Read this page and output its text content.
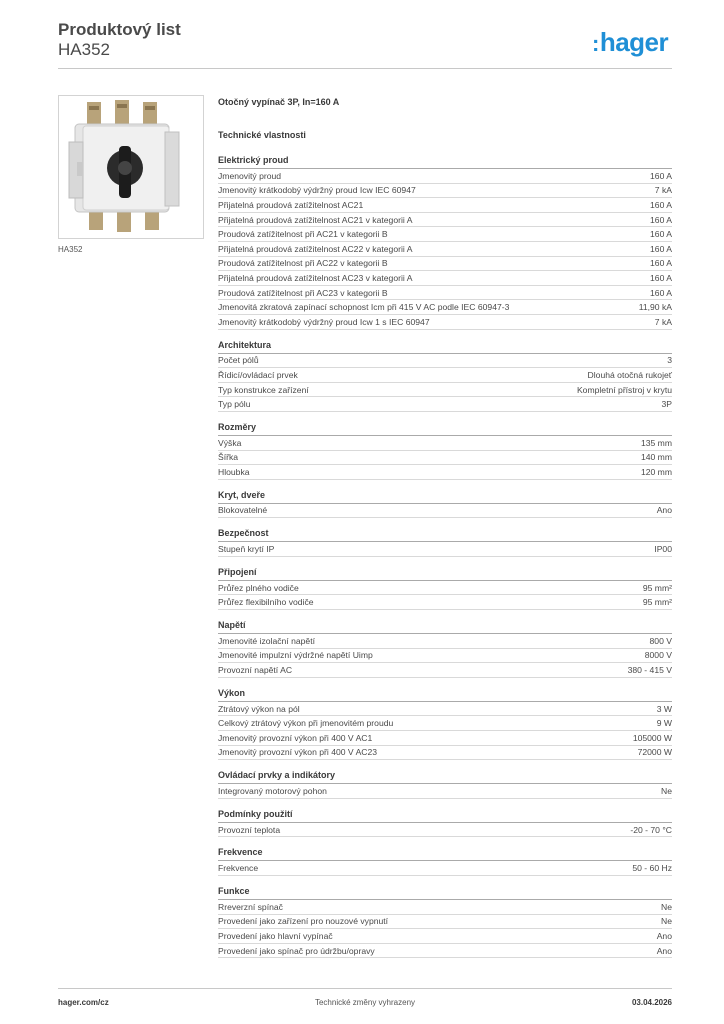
Produktový list
HA352	:hager
HA352
Otočný vypínač 3P, In=160 A
Technické vlastnosti
Elektrický proud
Jmenovitý proud	160 A
Jmenovitý krátkodobý výdržný proud Icw IEC 60947	7 kA
Přijatelná proudová zatížitelnost AC21	160 A
Přijatelná proudová zatížitelnost AC21 v kategorii A	160 A
Proudová zatížitelnost při AC21 v kategorii B	160 A
Přijatelná proudová zatížitelnost AC22 v kategorii A	160 A
Proudová zatížitelnost při AC22 v kategorii B	160 A
Přijatelná proudová zatížitelnost AC23 v kategorii A	160 A
Proudová zatížitelnost při AC23 v kategorii B	160 A
Jmenovitá zkratová zapínací schopnost Icm při 415 V AC podle IEC 60947-3	11,90 kA
Jmenovitý krátkodobý výdržný proud Icw 1 s IEC 60947	7 kA
Architektura
Počet pólů	3
Řídicí/ovládací prvek	Dlouhá otočná rukojeť
Typ konstrukce zařízení	Kompletní přístroj v krytu
Typ pólu	3P
Rozměry
Výška	135 mm
Šířka	140 mm
Hloubka	120 mm
Kryt, dveře
Blokovatelné	Ano
Bezpečnost
Stupeň krytí IP	IP00
Připojení
Průřez plného vodiče	95 mm²
Průřez flexibilního vodiče	95 mm²
Napětí
Jmenovité izolační napětí	800 V
Jmenovité impulzní výdržné napětí Uimp	8000 V
Provozní napětí AC	380 - 415 V
Výkon
Ztrátový výkon na pól	3 W
Celkový ztrátový výkon při jmenovitém proudu	9 W
Jmenovitý provozní výkon při 400 V AC1	105000 W
Jmenovitý provozní výkon při 400 V AC23	72000 W
Ovládací prvky a indikátory
Integrovaný motorový pohon	Ne
Podmínky použití
Provozní teplota	-20 - 70 °C
Frekvence
Frekvence	50 - 60 Hz
Funkce
Rreverzní spínač	Ne
Provedení jako zařízení pro nouzové vypnutí	Ne
Provedení jako hlavní vypínač	Ano
Provedení jako spínač pro údržbu/opravy	Ano
hager.com/cz	Technické změny vyhrazeny	03.04.2026
